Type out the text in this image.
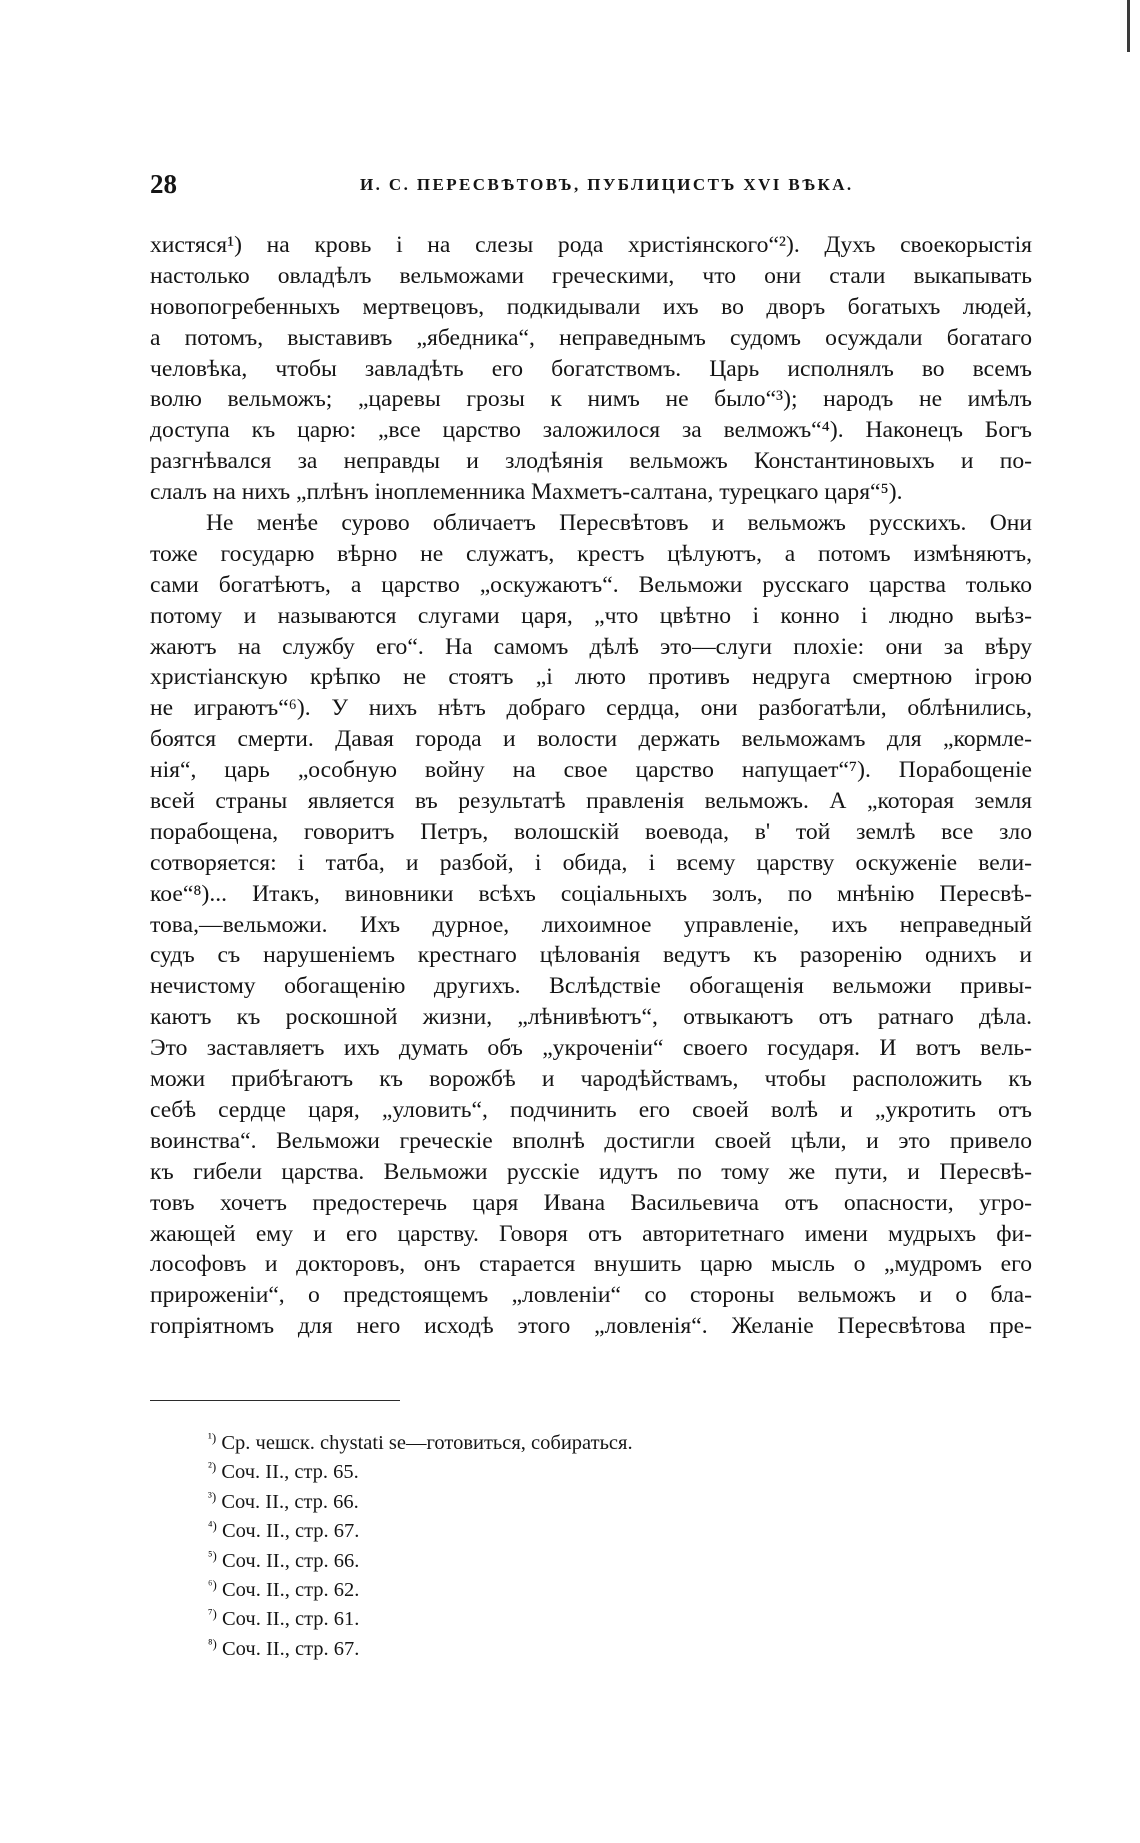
28	И. С. ПЕРЕСВѢТОВЪ, ПУБЛИЦИСТЪ XVI ВѢКА.
хистяся¹) на кровь і на слезы рода христіянского“²). Духъ своекорыстія
настолько овладѣлъ вельможами греческими, что они стали выкапывать
новопогребенныхъ мертвецовъ, подкидывали ихъ во дворъ богатыхъ людей,
а потомъ, выставивъ „ябедника“, неправеднымъ судомъ осуждали богатаго
человѣка, чтобы завладѣть его богатствомъ. Царь исполнялъ во всемъ
волю вельможъ; „царевы грозы к нимъ не было“³); народъ не имѣлъ
доступа къ царю: „все царство заложилося за велможъ“⁴). Наконецъ Богъ
разгнѣвался за неправды и злодѣянія вельможъ Константиновыхъ и по-
слалъ на нихъ „плѣнъ іноплеменника Махметъ-салтана, турецкаго царя“⁵).
Не менѣе сурово обличаетъ Пересвѣтовъ и вельможъ русскихъ. Они
тоже государю вѣрно не служатъ, крестъ цѣлуютъ, а потомъ измѣняютъ,
сами богатѣютъ, а царство „оскужаютъ“. Вельможи русскаго царства только
потому и называются слугами царя, „что цвѣтно і конно і людно выѣз-
жаютъ на службу его“. На самомъ дѣлѣ это—слуги плохіе: они за вѣру
христіанскую крѣпко не стоятъ „і люто противъ недруга смертною ігрою
не играютъ“⁶). У нихъ нѣтъ добраго сердца, они разбогатѣли, облѣнились,
боятся смерти. Давая города и волости держать вельможамъ для „кормле-
нія“, царь „особную войну на свое царство напущает“⁷). Порабощеніе
всей страны является въ результатѣ правленія вельможъ. А „которая земля
порабощена, говоритъ Петръ, волошскій воевода, в' той землѣ все зло
сотворяется: і татба, и разбой, і обида, і всему царству оскуженіе вели-
кое“⁸)... Итакъ, виновники всѣхъ соціальныхъ золъ, по мнѣнію Пересвѣ-
това,—вельможи. Ихъ дурное, лихоимное управленіе, ихъ неправедный
судъ съ нарушеніемъ крестнаго цѣлованія ведутъ къ разоренію однихъ и
нечистому обогащенію другихъ. Вслѣдствіе обогащенія вельможи привы-
каютъ къ роскошной жизни, „лѣнивѣютъ“, отвыкаютъ отъ ратнаго дѣла.
Это заставляетъ ихъ думать объ „укроченіи“ своего государя. И вотъ вель-
можи прибѣгаютъ къ ворожбѣ и чародѣйствамъ, чтобы расположить къ
себѣ сердце царя, „уловить“, подчинить его своей волѣ и „укротить отъ
воинства“. Вельможи греческіе вполнѣ достигли своей цѣли, и это привело
къ гибели царства. Вельможи русскіе идутъ по тому же пути, и Пересвѣ-
товъ хочетъ предостеречь царя Ивана Васильевича отъ опасности, угро-
жающей ему и его царству. Говоря отъ авторитетнаго имени мудрыхъ фи-
лософовъ и докторовъ, онъ старается внушить царю мысль о „мудромъ его
прироженіи“, о предстоящемъ „ловленіи“ со стороны вельможъ и о бла-
гопріятномъ для него исходѣ этого „ловленія“. Желаніе Пересвѣтова пре-
$^{^1)}$ Ср. чешск. chystati se—готовиться, собираться.
$^{^2)}$ Соч. II., стр. 65.
$^{^3)}$ Соч. II., стр. 66.
$^{^4)}$ Соч. II., стр. 67.
$^{^5)}$ Соч. II., стр. 66.
$^{^6)}$ Соч. II., стр. 62.
$^{^7)}$ Соч. II., стр. 61.
$^{^8)}$ Соч. II., стр. 67.
